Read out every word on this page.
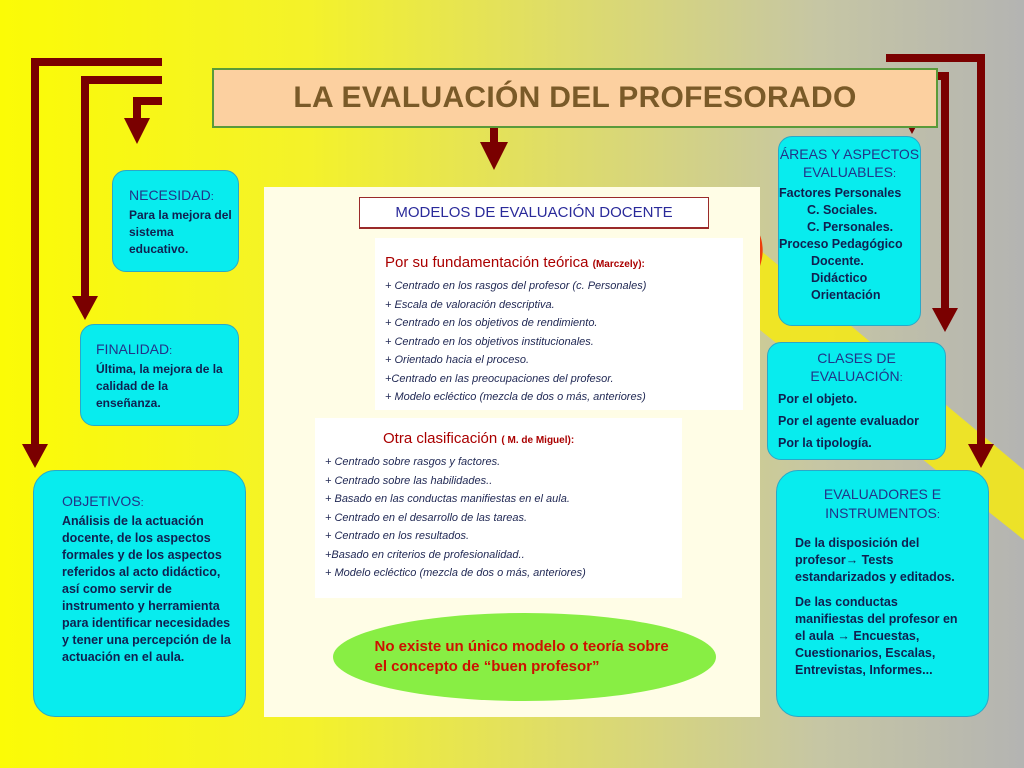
LA EVALUACIÓN DEL PROFESORADO
MODELOS DE EVALUACIÓN DOCENTE

Por su fundamentación teórica (Marczely):

+ Centrado en los rasgos del profesor (c. Personales)

+ Escala de valoración descriptiva.

+ Centrado en los objetivos de rendimiento.

+ Centrado en los objetivos institucionales.

+ Orientado hacia el proceso.

+Centrado en las preocupaciones del profesor.

+ Modelo ecléctico (mezcla de dos o más, anteriores)

Otra clasificación ( M. de Miguel):

+ Centrado sobre rasgos y factores.

+ Centrado sobre las habilidades..

+ Basado en las conductas manifiestas en el aula.

+ Centrado en el desarrollo de las tareas.

+ Centrado en los resultados.

+Basado en criterios de profesionalidad..

+ Modelo ecléctico (mezcla de dos o más, anteriores)

No existe un único modelo o teoría sobre el concepto de “buen profesor”

NECESIDAD:

Para la mejora del sistema educativo.

FINALIDAD:

Última, la mejora de la calidad de la enseñanza.

OBJETIVOS:

Análisis de la actuación docente, de los aspectos formales y de los aspectos referidos al acto didáctico, así como servir de instrumento y herramienta para identificar necesidades y tener una percepción de la actuación en el aula.

ÁREAS Y ASPECTOS EVALUABLES:

Factores Personales

C. Sociales.

C. Personales.

Proceso Pedagógico

Docente.

Didáctico

Orientación

CLASES DE EVALUACIÓN:

Por el objeto.

Por el agente evaluador

Por la tipología.

EVALUADORES E INSTRUMENTOS:

De la disposición del profesor→ Tests estandarizados y editados.

De las conductas manifiestas del profesor en el aula → Encuestas, Cuestionarios, Escalas, Entrevistas, Informes...
